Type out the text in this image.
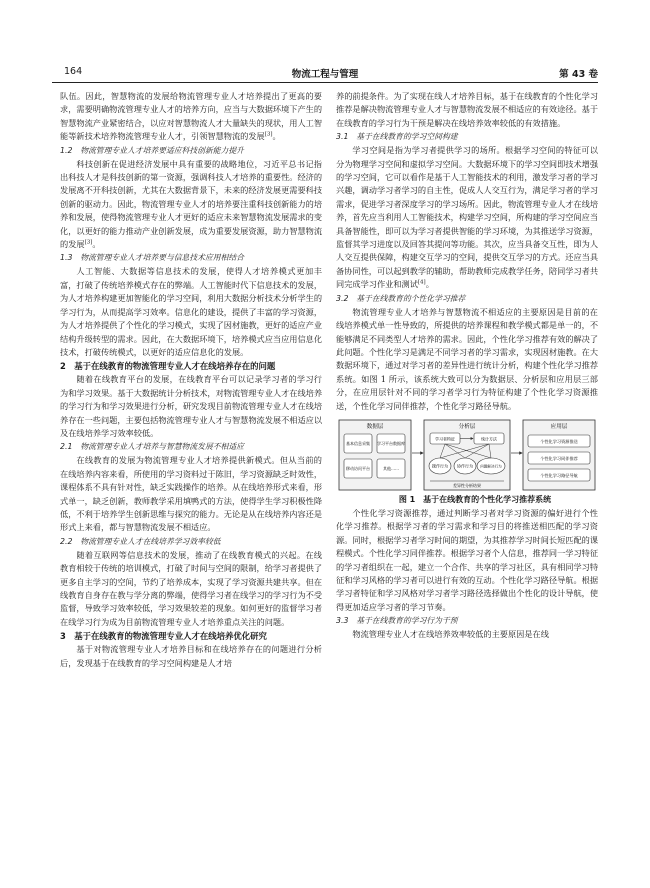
164	物流工程与管理	第 43 卷

队伍。因此，智慧物流的发展给物流管理专业人才培养提出了更高的要求，需要明确物流管理专业人才的培养方向，应当与大数据环境下产生的智慧物流产业紧密结合，以应对智慧物流人才大量缺失的现状，用人工智能等新技术培养物流管理专业人才，引领智慧物流的发展[3]。

1.2　物流管理专业人才培养要适应科技创新能力提升

科技创新在促进经济发展中具有重要的战略地位，习近平总书记指出科技人才是科技创新的第一资源，强调科技人才培养的重要性。经济的发展离不开科技创新，尤其在大数据背景下，未来的经济发展更需要科技创新的驱动力。因此，物流管理专业人才的培养要注重科技创新能力的培养和发展，使得物流管理专业人才更好的适应未来智慧物流发展需求的变化，以更好的能力推动产业创新发展，成为重要发展资源，助力智慧物流的发展[3]。

1.3　物流管理专业人才培养要与信息技术应用相结合

人工智能、大数据等信息技术的发展，使得人才培养模式更加丰富，打破了传统培养模式存在的弊端。人工智能时代下信息技术的发展，为人才培养构建更加智能化的学习空间，利用大数据分析技术分析学生的学习行为，从而提高学习效率。信息化的建设，提供了丰富的学习资源，为人才培养提供了个性化的学习模式，实现了因材施教，更好的适应产业结构升级转型的需求。因此，在大数据环境下，培养模式应当应用信息化技术，打破传统模式，以更好的适应信息化的发展。

2　基于在线教育的物流管理专业人才在线培养存在的问题

随着在线教育平台的发展，在线教育平台可以记录学习者的学习行为和学习效果。基于大数据统计分析技术，对物流管理专业人才在线培养的学习行为和学习效果进行分析，研究发现目前物流管理专业人才在线培养存在一些问题，主要包括物流管理专业人才与智慧物流发展不相适应以及在线培养学习效率较低。

2.1　物流管理专业人才培养与智慧物流发展不相适应

在线教育的发展为物流管理专业人才培养提供新模式。但从当前的在线培养内容来看，所使用的学习资料过于陈旧，学习资源缺乏时效性，课程体系不具有针对性，缺乏实践操作的培养。从在线培养形式来看，形式单一，缺乏创新，教师教学采用填鸭式的方法，使得学生学习积极性降低，不利于培养学生创新思维与探究的能力。无论是从在线培养内容还是形式上来看，都与智慧物流发展不相适应。

2.2　物流管理专业人才在线培养学习效率较低

随着互联网等信息技术的发展，推动了在线教育模式的兴起。在线教育相较于传统的培训模式，打破了时间与空间的限制，给学习者提供了更多自主学习的空间，节约了培养成本，实现了学习资源共建共享。但在线教育自身存在教与学分离的弊端，使得学习者在线学习的学习行为不受监督，导致学习效率较低，学习效果较差的现象。如何更好的监督学习者在线学习行为成为目前物流管理专业人才培养重点关注的问题。

3　基于在线教育的物流管理专业人才在线培养优化研究

基于对物流管理专业人才培养目标和在线培养存在的问题进行分析后，发现基于在线教育的学习空间构建是人才培

养的前提条件。为了实现在线人才培养目标，基于在线教育的个性化学习推荐是解决物流管理专业人才与智慧物流发展不相适应的有效途径。基于在线教育的学习行为干预是解决在线培养效率较低的有效措施。

3.1　基于在线教育的学习空间构建

学习空间是指为学习者提供学习的场所。根据学习空间的特征可以分为物理学习空间和虚拟学习空间。大数据环境下的学习空间即技术增强的学习空间，它可以看作是基于人工智能技术的利用，激发学习者的学习兴趣，调动学习者学习的自主性，促成人人交互行为，满足学习者的学习需求，促进学习者深度学习的学习场所。因此，物流管理专业人才在线培养，首先应当利用人工智能技术，构建学习空间，所构建的学习空间应当具备智能性，即可以为学习者提供智能的学习环境，为其推送学习资源，监督其学习进度以及回答其提问等功能。其次，应当具备交互性，即为人人交互提供保障，构建交互学习的空间，提供交互学习的方式。还应当具备协同性，可以起到教学的辅助，帮助教师完成教学任务，陪同学习者共同完成学习作业和测试[4]。

3.2　基于在线教育的个性化学习推荐

物流管理专业人才培养与智慧物流不相适应的主要原因是目前的在线培养模式单一性导致的，所提供的培养课程和教学模式都是单一的，不能够满足不同类型人才培养的需求。因此，个性化学习推荐有效的解决了此问题。个性化学习是满足不同学习者的学习需求，实现因材施教。在大数据环境下，通过对学习者的差异性进行统计分析，构建个性化学习推荐系统。如图 1 所示，该系统大致可以分为数据层、分析层和应用层三部分，在应用层针对不同的学习者学习行为特征构建了个性化学习资源推送，个性化学习同伴推荐，个性化学习路径导航。

数据层
基本信息采集 学习平台数据库
移动访问平台	其他……
分析层
学习者特征	统计方法
操作行为 协作行为 问题解决行为
差异性分析结果
应用层
个性化学习资源推送
个性化学习同伴推荐
个性化学习路径导航

图 1　基于在线教育的个性化学习推荐系统

个性化学习资源推荐，通过判断学习者对学习资源的偏好进行个性化学习推荐。根据学习者的学习需求和学习目的将推送相匹配的学习资源。同时，根据学习者学习时间的期望，为其推荐学习时间长短匹配的课程模式。个性化学习同伴推荐。根据学习者个人信息，推荐同一学习特征的学习者组织在一起，建立一个合作、共享的学习社区，具有相同学习特征和学习风格的学习者可以进行有效的互动。个性化学习路径导航。根据学习者特征和学习风格对学习者学习路径选择做出个性化的设计导航，使得更加适应学习者的学习节奏。

3.3　基于在线教育的学习行为干预

物流管理专业人才在线培养效率较低的主要原因是在线
